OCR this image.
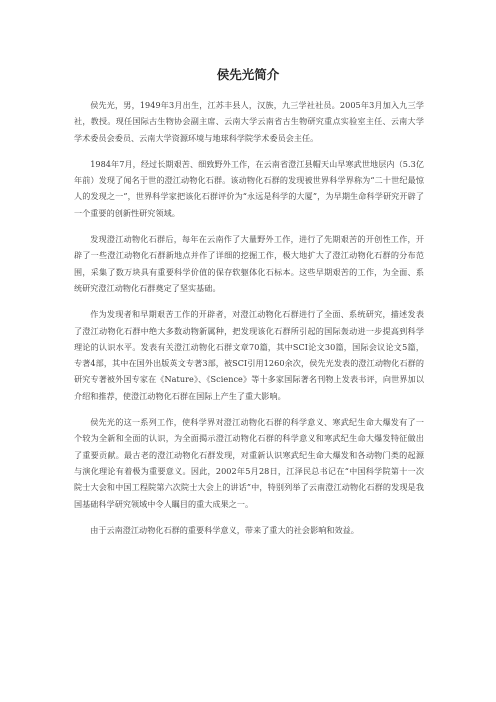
侯先光简介

侯先光，男，1949年3月出生，江苏丰县人，汉族，九三学社社员。2005年3月加入九三学社，教授。现任国际古生物协会副主席、云南大学云南省古生物研究重点实验室主任、云南大学学术委员会委员、云南大学资源环境与地球科学院学术委员会主任。

1984年7月，经过长期艰苦、细致野外工作，在云南省澄江县帽天山早寒武世地层内（5.3亿年前）发现了闻名于世的澄江动物化石群。该动物化石群的发现被世界科学界称为“二十世纪最惊人的发现之一”，世界科学家把该化石群评价为“永远是科学的大厦”，为早期生命科学研究开辟了一个重要的创新性研究领域。

发现澄江动物化石群后，每年在云南作了大量野外工作，进行了先期艰苦的开创性工作，开辟了一些澄江动物化石群新地点并作了详细的挖掘工作，极大地扩大了澄江动物化石群的分布范围，采集了数万块具有重要科学价值的保存软躯体化石标本。这些早期艰苦的工作，为全面、系统研究澄江动物化石群奠定了坚实基础。

作为发现者和早期艰苦工作的开辟者，对澄江动物化石群进行了全面、系统研究，描述发表了澄江动物化石群中绝大多数动物新属种，把发现该化石群所引起的国际轰动进一步提高到科学理论的认识水平。发表有关澄江动物化石群文章70篇，其中SCI论文30篇，国际会议论文5篇，专著4部，其中在国外出版英文专著3部，被SCI引用1260余次，侯先光发表的澄江动物化石群的研究专著被外国专家在《Nature》、《Science》等十多家国际著名刊物上发表书评，向世界加以介绍和推荐，使澄江动物化石群在国际上产生了重大影响。

侯先光的这一系列工作，使科学界对澄江动物化石群的科学意义、寒武纪生命大爆发有了一个较为全新和全面的认识，为全面揭示澄江动物化石群的科学意义和寒武纪生命大爆发特征做出了重要贡献。最古老的澄江动物化石群发现，对重新认识寒武纪生命大爆发和各动物门类的起源与演化理论有着极为重要意义。因此，2002年5月28日，江泽民总书记在“中国科学院第十一次院士大会和中国工程院第六次院士大会上的讲话”中，特别列举了云南澄江动物化石群的发现是我国基础科学研究领域中令人瞩目的重大成果之一。

由于云南澄江动物化石群的重要科学意义，带来了重大的社会影响和效益。
